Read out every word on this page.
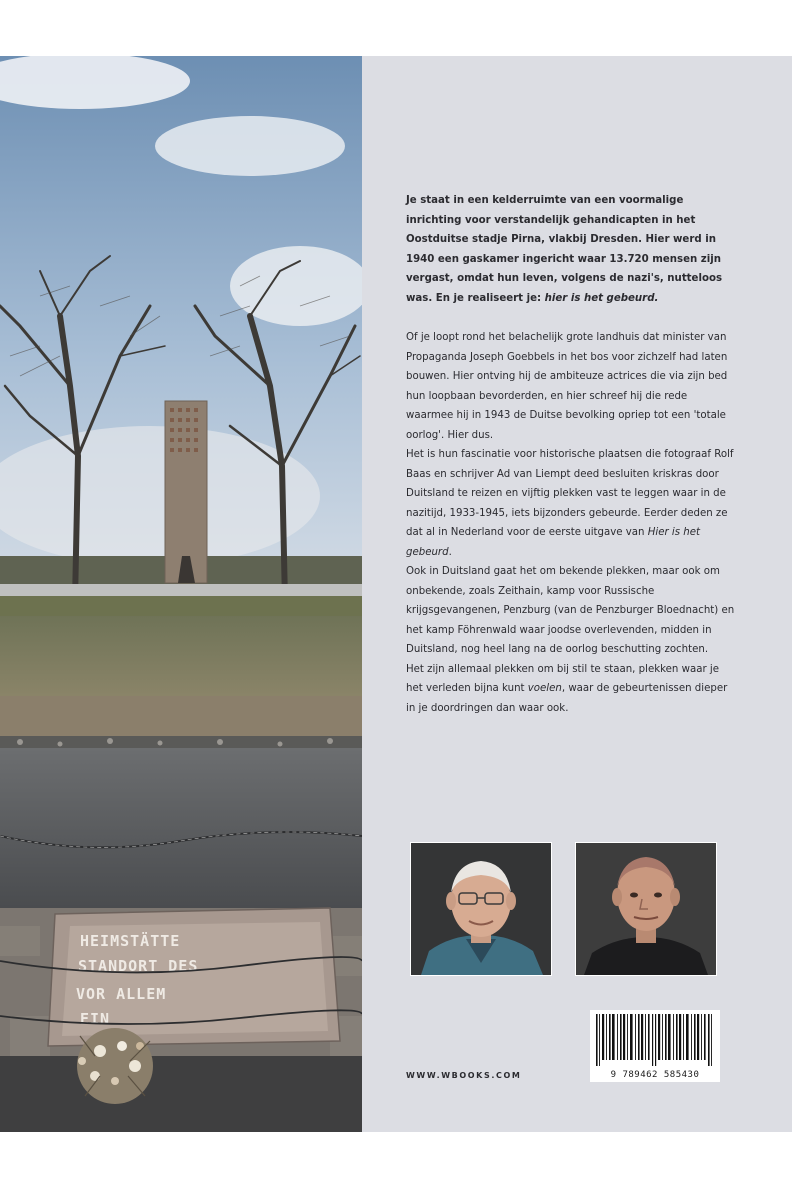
HEIMSTÄTTE
STANDORT DES
VOR ALLEM
EIN

Je staat in een kelderruimte van een voormalige inrichting voor verstandelijk gehandicapten in het Oostduitse stadje Pirna, vlakbij Dresden. Hier werd in 1940 een gaskamer ingericht waar 13.720 mensen zijn vergast, omdat hun leven, volgens de nazi's, nutteloos was. En je realiseert je: hier is het gebeurd.

Of je loopt rond het belachelijk grote landhuis dat minister van Propaganda Joseph Goebbels in het bos voor zichzelf had laten bouwen. Hier ontving hij de ambiteuze actrices die via zijn bed hun loopbaan bevorderden, en hier schreef hij die rede waarmee hij in 1943 de Duitse bevolking opriep tot een 'totale oorlog'. Hier dus.

Het is hun fascinatie voor historische plaatsen die fotograaf Rolf Baas en schrijver Ad van Liempt deed besluiten kriskras door Duitsland te reizen en vijftig plekken vast te leggen waar in de nazitijd, 1933-1945, iets bijzonders gebeurde. Eerder deden ze dat al in Nederland voor de eerste uitgave van Hier is het gebeurd.

Ook in Duitsland gaat het om bekende plekken, maar ook om onbekende, zoals Zeithain, kamp voor Russische krijgsgevangenen, Penzburg (van de Penzburger Bloednacht) en het kamp Föhrenwald waar joodse overlevenden, midden in Duitsland, nog heel lang na de oorlog beschutting zochten.

Het zijn allemaal plekken om bij stil te staan, plekken waar je het verleden bijna kunt voelen, waar de gebeurtenissen dieper in je doordringen dan waar ook.

WWW.WBOOKS.COM	9 789462 585430
